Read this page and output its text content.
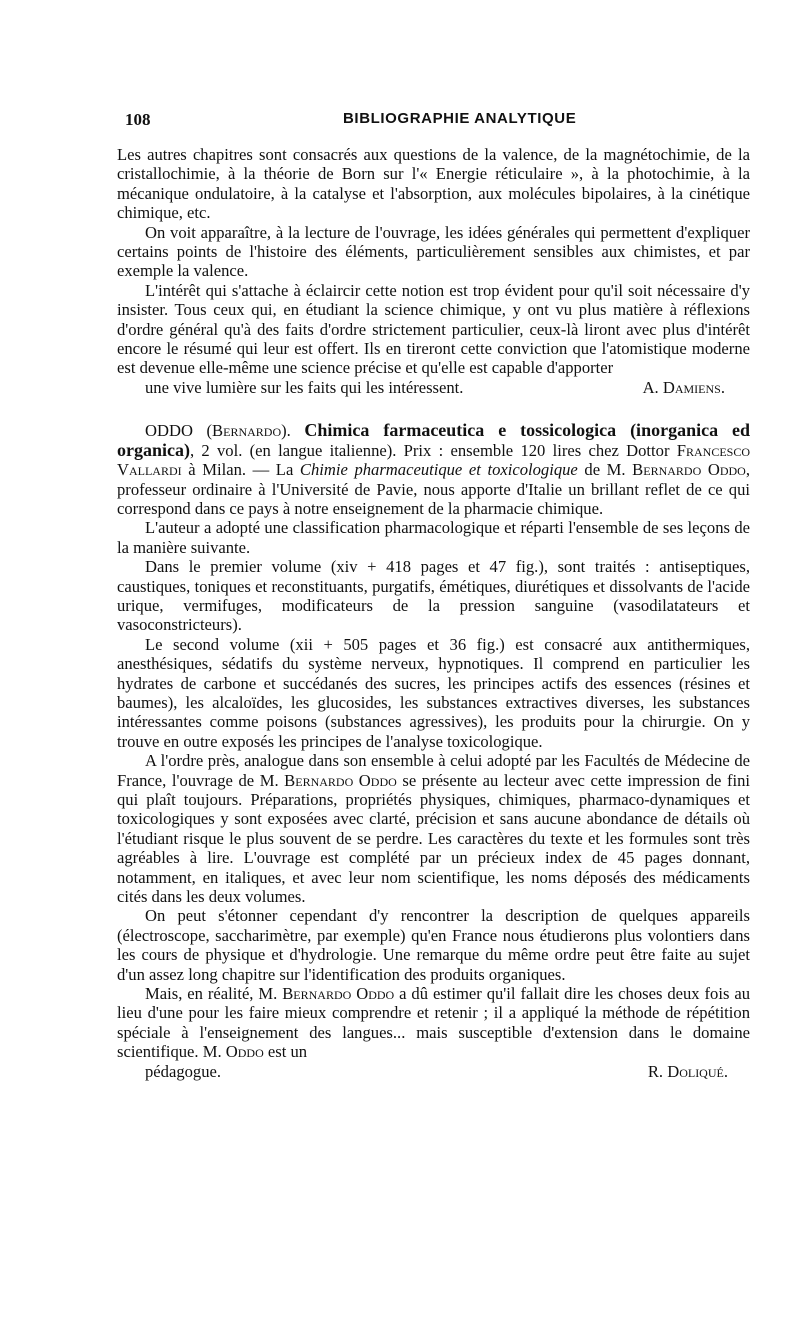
108	BIBLIOGRAPHIE ANALYTIQUE

Les autres chapitres sont consacrés aux questions de la valence, de la magnétochimie, de la cristallochimie, à la théorie de Born sur l'« Energie réticulaire », à la photochimie, à la mécanique ondulatoire, à la catalyse et l'absorption, aux molécules bipolaires, à la cinétique chimique, etc.

On voit apparaître, à la lecture de l'ouvrage, les idées générales qui permettent d'expliquer certains points de l'histoire des éléments, particulièrement sensibles aux chimistes, et par exemple la valence.

L'intérêt qui s'attache à éclaircir cette notion est trop évident pour qu'il soit nécessaire d'y insister. Tous ceux qui, en étudiant la science chimique, y ont vu plus matière à réflexions d'ordre général qu'à des faits d'ordre strictement particulier, ceux-là liront avec plus d'intérêt encore le résumé qui leur est offert. Ils en tireront cette conviction que l'atomistique moderne est devenue elle-même une science précise et qu'elle est capable d'apporter

une vive lumière sur les faits qui les intéressent.	A. Damiens.

ODDO (Bernardo). Chimica farmaceutica e tossicologica (inorganica ed organica), 2 vol. (en langue italienne). Prix : ensemble 120 lires chez Dottor Francesco Vallardi à Milan. — La Chimie pharmaceutique et toxicologique de M. Bernardo Oddo, professeur ordinaire à l'Université de Pavie, nous apporte d'Italie un brillant reflet de ce qui correspond dans ce pays à notre enseignement de la pharmacie chimique.

L'auteur a adopté une classification pharmacologique et réparti l'ensemble de ses leçons de la manière suivante.

Dans le premier volume (xiv + 418 pages et 47 fig.), sont traités : antiseptiques, caustiques, toniques et reconstituants, purgatifs, émétiques, diurétiques et dissolvants de l'acide urique, vermifuges, modificateurs de la pression sanguine (vasodilatateurs et vasoconstricteurs).

Le second volume (xii + 505 pages et 36 fig.) est consacré aux antithermiques, anesthésiques, sédatifs du système nerveux, hypnotiques. Il comprend en particulier les hydrates de carbone et succédanés des sucres, les principes actifs des essences (résines et baumes), les alcaloïdes, les glucosides, les substances extractives diverses, les substances intéressantes comme poisons (substances agressives), les produits pour la chirurgie. On y trouve en outre exposés les principes de l'analyse toxicologique.

A l'ordre près, analogue dans son ensemble à celui adopté par les Facultés de Médecine de France, l'ouvrage de M. Bernardo Oddo se présente au lecteur avec cette impression de fini qui plaît toujours. Préparations, propriétés physiques, chimiques, pharmaco-dynamiques et toxicologiques y sont exposées avec clarté, précision et sans aucune abondance de détails où l'étudiant risque le plus souvent de se perdre. Les caractères du texte et les formules sont très agréables à lire. L'ouvrage est complété par un précieux index de 45 pages donnant, notamment, en italiques, et avec leur nom scientifique, les noms déposés des médicaments cités dans les deux volumes.

On peut s'étonner cependant d'y rencontrer la description de quelques appareils (électroscope, saccharimètre, par exemple) qu'en France nous étudierons plus volontiers dans les cours de physique et d'hydrologie. Une remarque du même ordre peut être faite au sujet d'un assez long chapitre sur l'identification des produits organiques.

Mais, en réalité, M. Bernardo Oddo a dû estimer qu'il fallait dire les choses deux fois au lieu d'une pour les faire mieux comprendre et retenir ; il a appliqué la méthode de répétition spéciale à l'enseignement des langues... mais susceptible d'extension dans le domaine scientifique. M. Oddo est un

pédagogue.	R. Doliqué.
